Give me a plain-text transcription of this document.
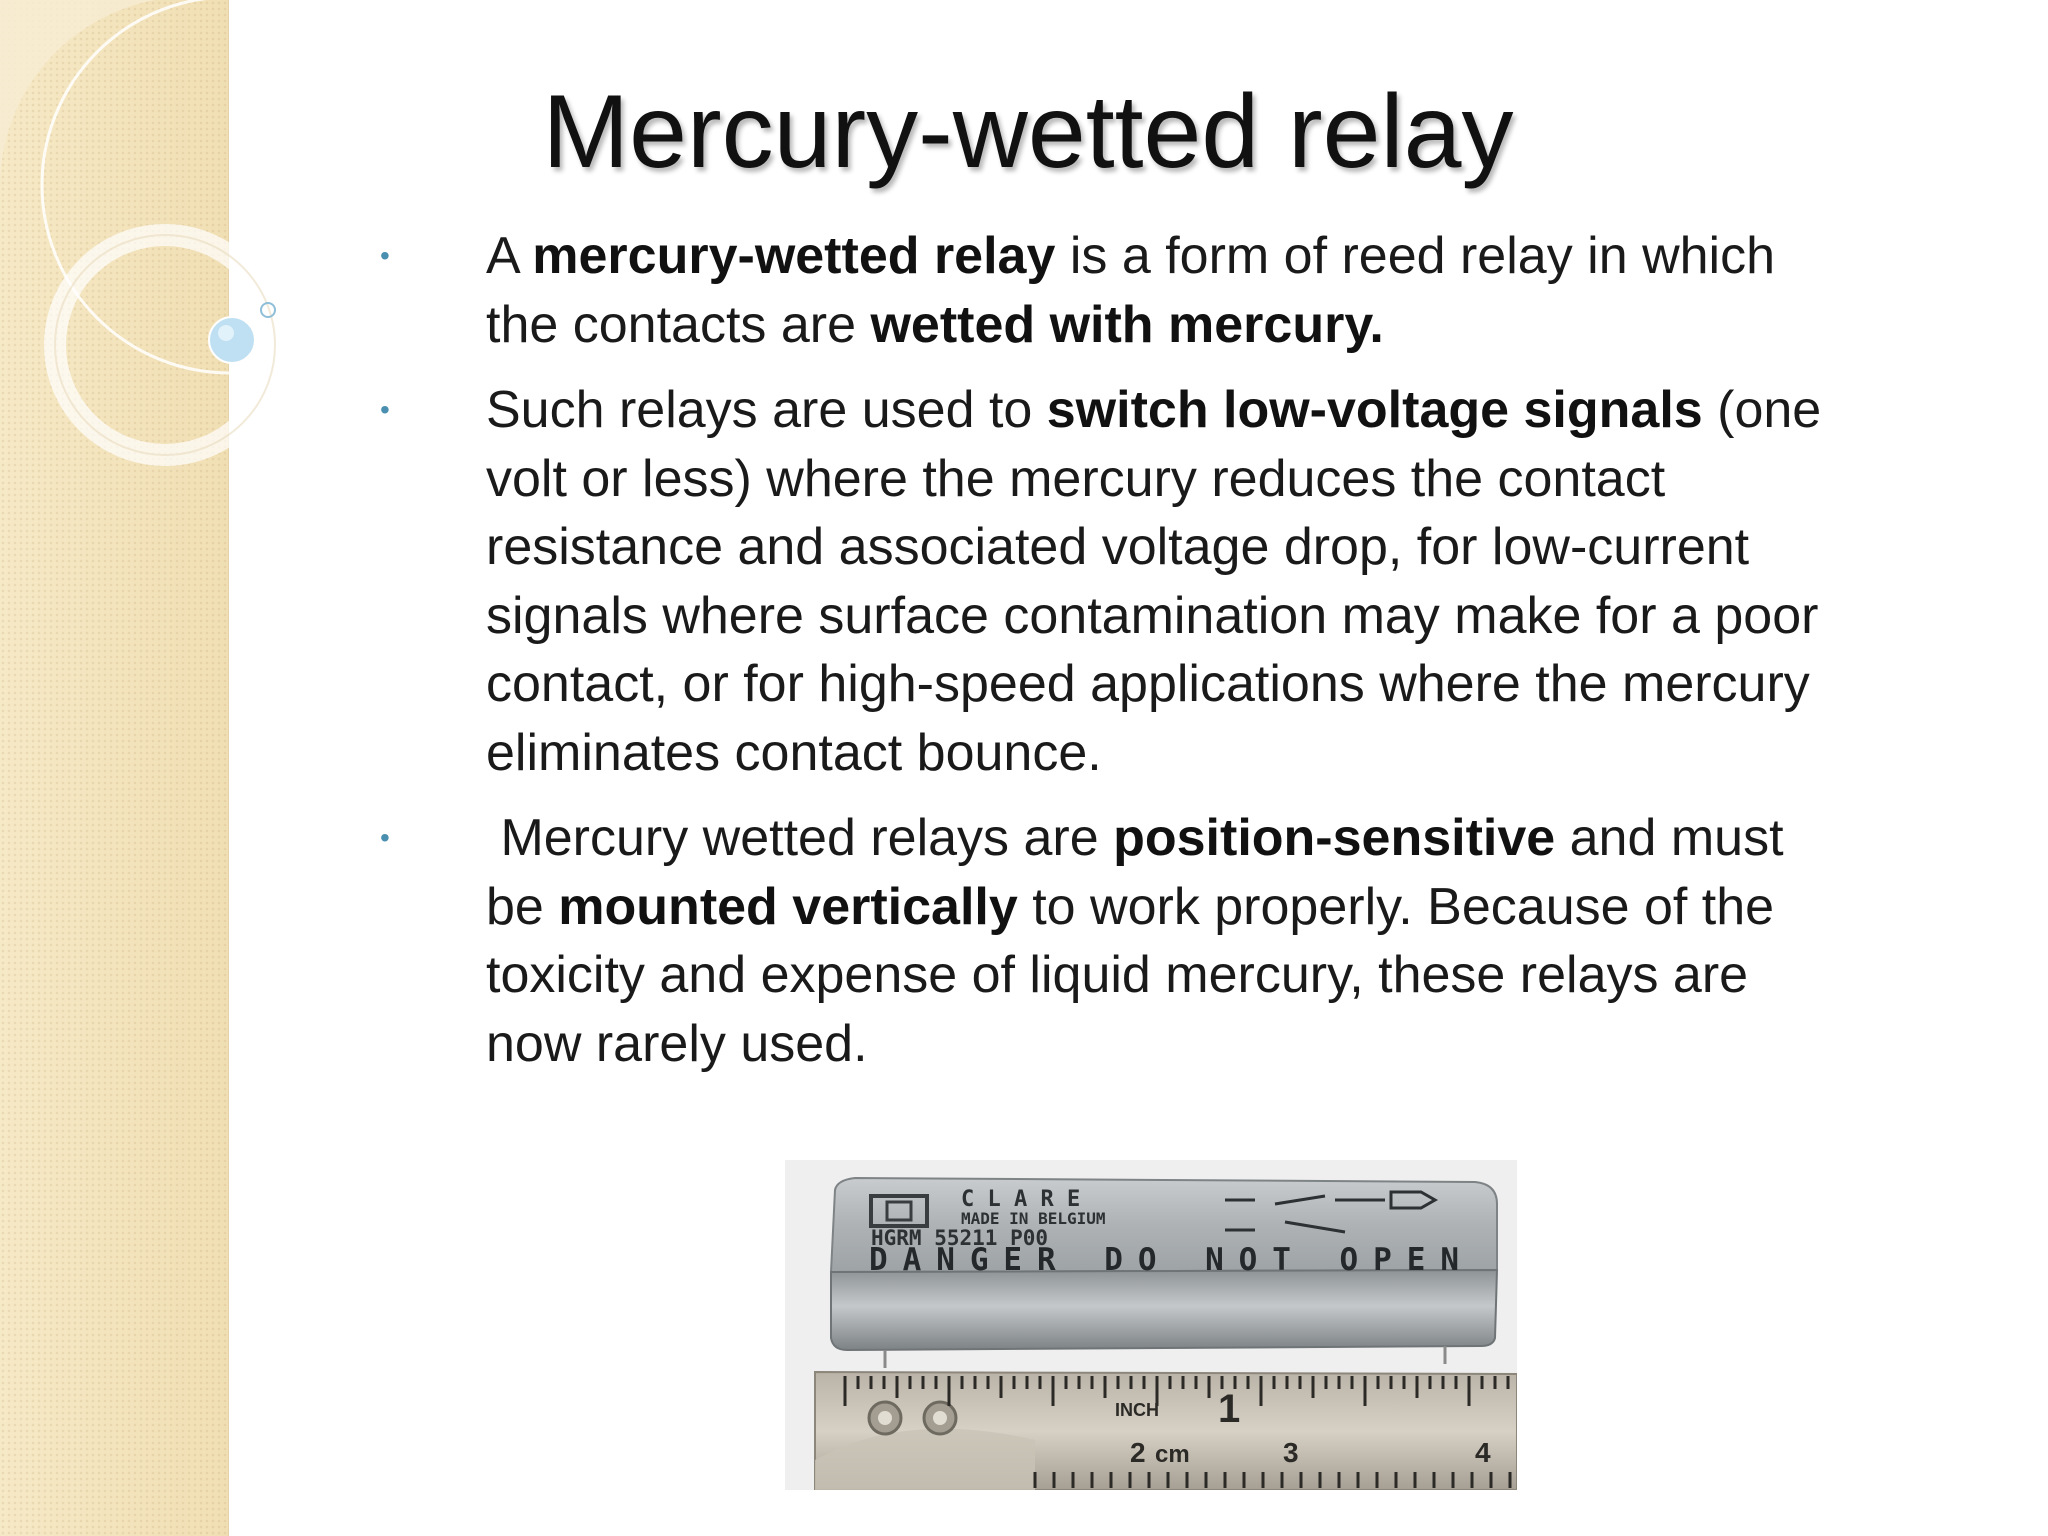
Mercury-wetted relay
• A mercury-wetted relay is a form of reed relay in which the contacts are wetted with mercury.
• Such relays are used to switch low-voltage signals (one volt or less) where the mercury reduces the contact resistance and associated voltage drop, for low-current signals where surface contamination may make for a poor contact, or for high-speed applications where the mercury eliminates contact bounce.
• Mercury wetted relays are position-sensitive and must be mounted vertically to work properly. Because of the toxicity and expense of liquid mercury, these relays are now rarely used.
C L A R E
MADE IN BELGIUM
HGRM 55211 P00
DANGER DO NOT OPEN
INCH 1
2 cm	3	4
